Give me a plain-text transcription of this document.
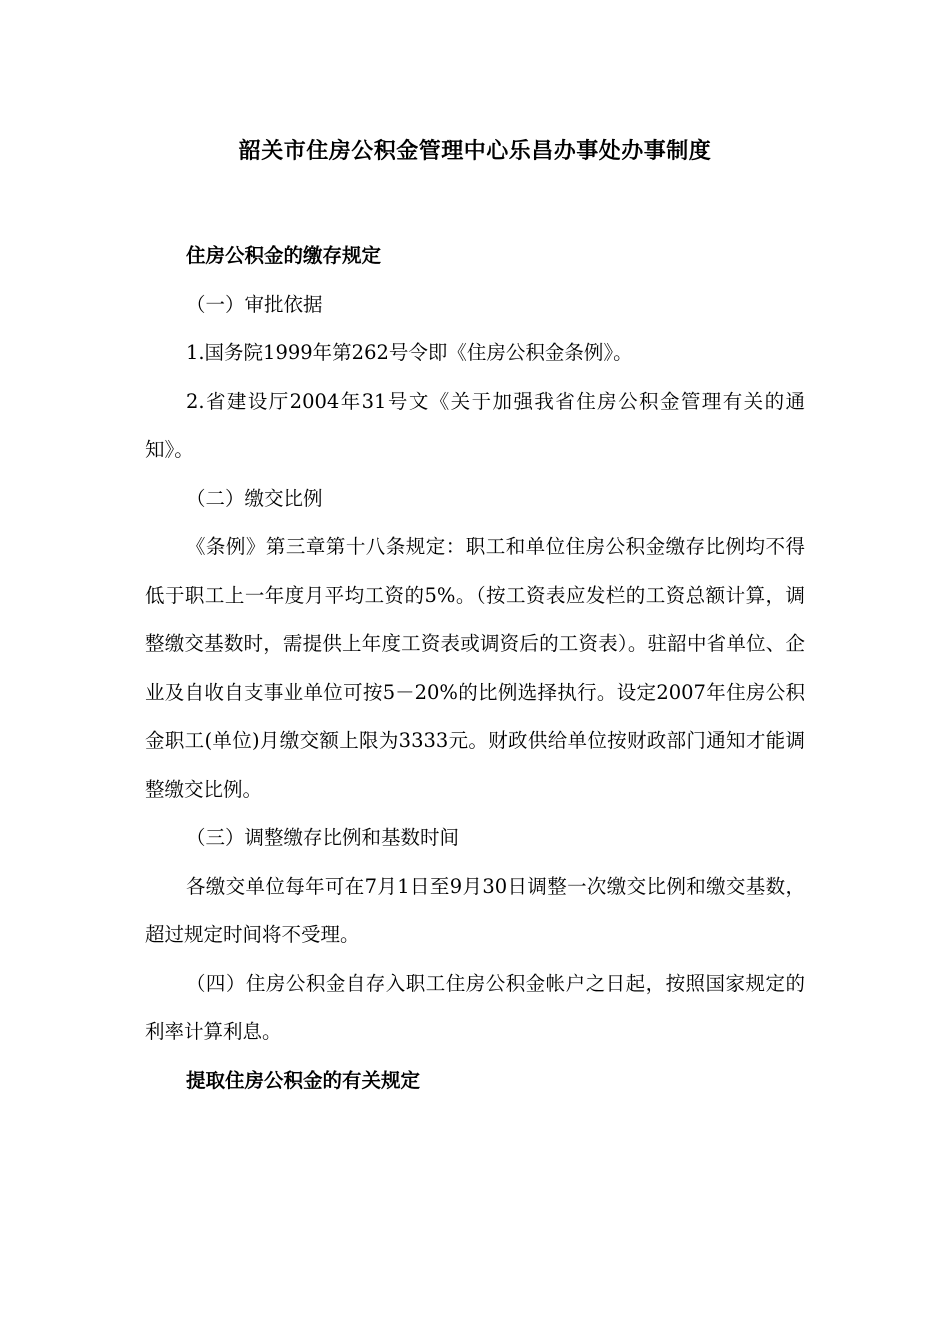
韶关市住房公积金管理中心乐昌办事处办事制度

住房公积金的缴存规定

（一）审批依据

1.国务院1999年第262号令即《住房公积金条例》。

2.省建设厅2004年31号文《关于加强我省住房公积金管理有关的通知》。

（二）缴交比例

《条例》第三章第十八条规定：职工和单位住房公积金缴存比例均不得低于职工上一年度月平均工资的5%。（按工资表应发栏的工资总额计算，调整缴交基数时，需提供上年度工资表或调资后的工资表）。驻韶中省单位、企业及自收自支事业单位可按5－20%的比例选择执行。设定2007年住房公积金职工(单位)月缴交额上限为3333元。财政供给单位按财政部门通知才能调整缴交比例。

（三）调整缴存比例和基数时间

各缴交单位每年可在7月1日至9月30日调整一次缴交比例和缴交基数，超过规定时间将不受理。

（四）住房公积金自存入职工住房公积金帐户之日起，按照国家规定的利率计算利息。

提取住房公积金的有关规定
